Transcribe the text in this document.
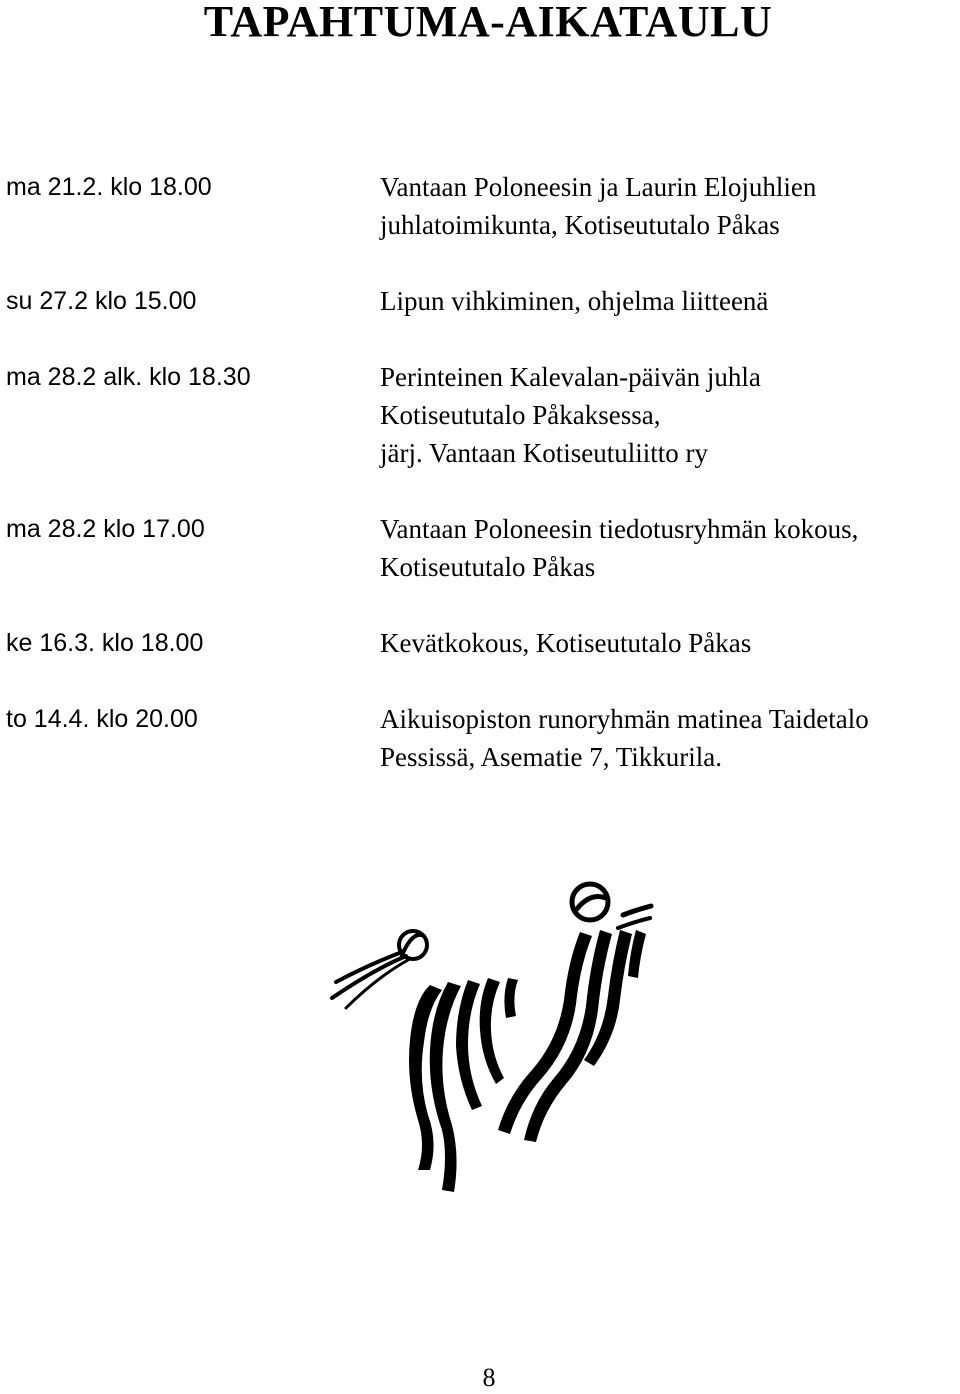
TAPAHTUMA-AIKATAULU
ma 21.2. klo 18.00	Vantaan Poloneesin ja Laurin Elojuhlien
juhlatoimikunta, Kotiseututalo Påkas
su 27.2 klo 15.00	Lipun vihkiminen, ohjelma liitteenä
ma 28.2 alk. klo 18.30	Perinteinen Kalevalan-päivän juhla
Kotiseututalo Påkaksessa,
järj. Vantaan Kotiseutuliitto ry
ma 28.2 klo 17.00	Vantaan Poloneesin tiedotusryhmän kokous,
Kotiseututalo Påkas
ke 16.3. klo 18.00	Kevätkokous, Kotiseututalo Påkas
to 14.4. klo 20.00	Aikuisopiston runoryhmän matinea Taidetalo
Pessissä, Asematie 7, Tikkurila.
8
